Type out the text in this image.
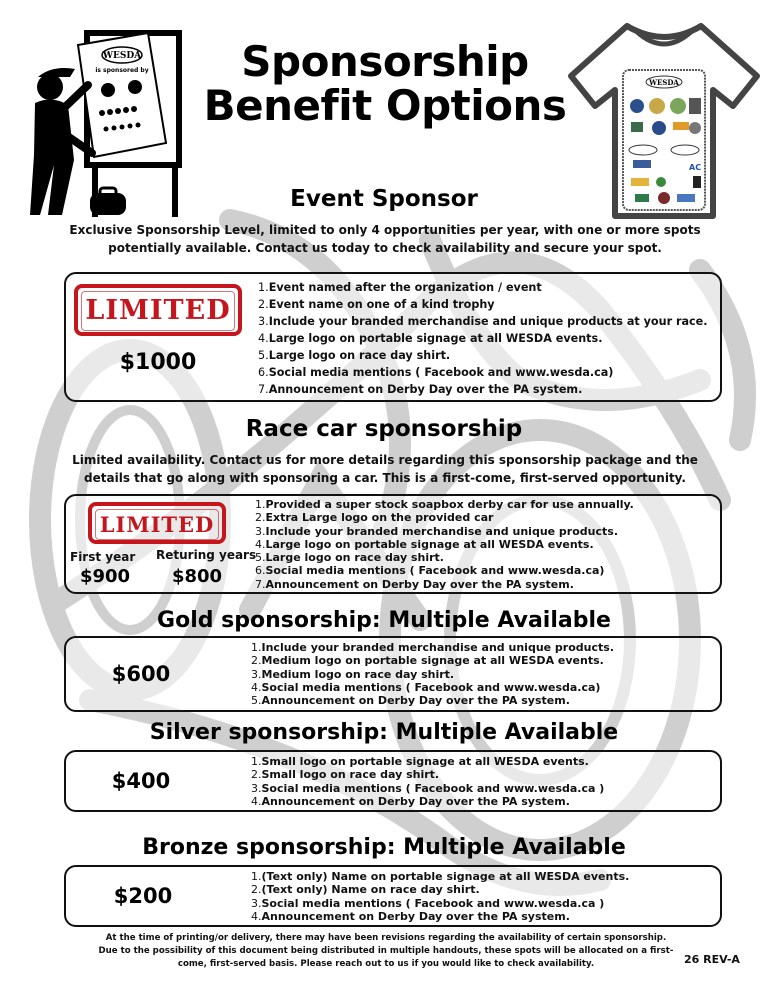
WESDA
is sponsored by
WESDA
AC
Sponsorship
Benefit Options
Event Sponsor
Exclusive Sponsorship Level, limited to only 4 opportunities per year, with one or more spots potentially available. Contact us today to check availability and secure your spot.
LIMITED
$1000
1.Event named after the organization / event
2.Event name on one of a kind trophy
3.Include your branded merchandise and unique products at your race.
4.Large logo on portable signage at all WESDA events.
5.Large logo on race day shirt.
6.Social media mentions ( Facebook and www.wesda.ca)
7.Announcement on Derby Day over the PA system.
Race car sponsorship
Limited availability. Contact us for more details regarding this sponsorship package and the details that go along with sponsoring a car. This is a first-come, first-served opportunity.
LIMITED
First year Returing years
$900	$800
1.Provided a super stock soapbox derby car for use annually.
2.Extra Large logo on the provided car
3.Include your branded merchandise and unique products.
4.Large logo on portable signage at all WESDA events.
5.Large logo on race day shirt.
6.Social media mentions ( Facebook and www.wesda.ca)
7.Announcement on Derby Day over the PA system.
Gold sponsorship: Multiple Available
$600
1.Include your branded merchandise and unique products.
2.Medium logo on portable signage at all WESDA events.
3.Medium logo on race day shirt.
4.Social media mentions ( Facebook and www.wesda.ca)
5.Announcement on Derby Day over the PA system.
Silver sponsorship: Multiple Available
$400
1.Small logo on portable signage at all WESDA events.
2.Small logo on race day shirt.
3.Social media mentions ( Facebook and www.wesda.ca )
4.Announcement on Derby Day over the PA system.
Bronze sponsorship: Multiple Available
$200
1.(Text only) Name on portable signage at all WESDA events.
2.(Text only) Name on race day shirt.
3.Social media mentions ( Facebook and www.wesda.ca )
4.Announcement on Derby Day over the PA system.
At the time of printing/or delivery, there may have been revisions regarding the availability of certain sponsorship. Due to the possibility of this document being distributed in multiple handouts, these spots will be allocated on a first-come, first-served basis. Please reach out to us if you would like to check availability.	26 REV-A
